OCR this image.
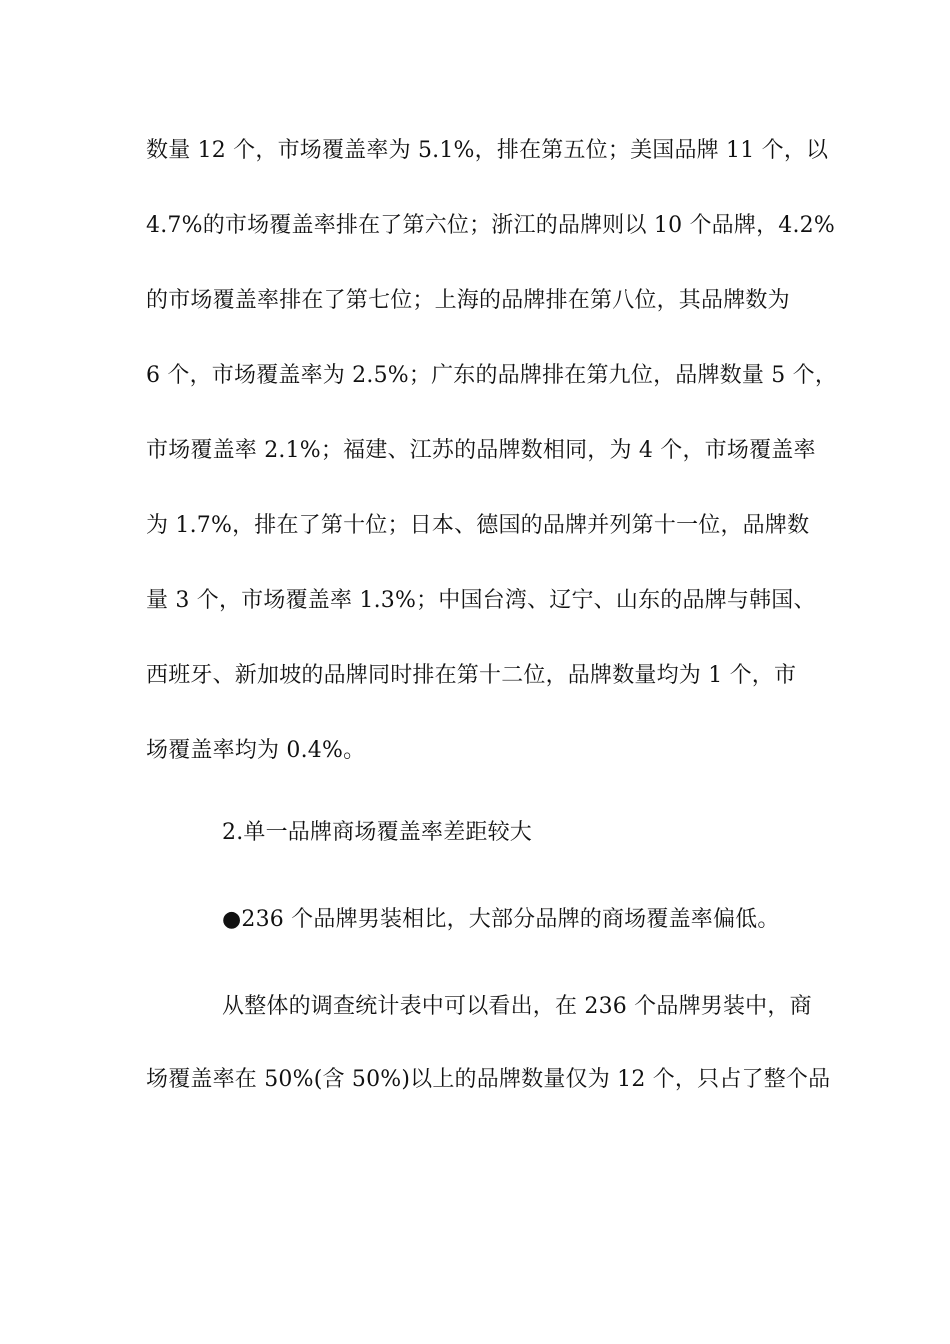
数量 12 个，市场覆盖率为 5.1%，排在第五位；美国品牌 11 个，以
4.7%的市场覆盖率排在了第六位；浙江的品牌则以 10 个品牌，4.2%
的市场覆盖率排在了第七位；上海的品牌排在第八位，其品牌数为
6 个，市场覆盖率为 2.5%；广东的品牌排在第九位，品牌数量 5 个，
市场覆盖率 2.1%；福建、江苏的品牌数相同，为 4 个，市场覆盖率
为 1.7%，排在了第十位；日本、德国的品牌并列第十一位，品牌数
量 3 个，市场覆盖率 1.3%；中国台湾、辽宁、山东的品牌与韩国、
西班牙、新加坡的品牌同时排在第十二位，品牌数量均为 1 个，市
场覆盖率均为 0.4%。
2.单一品牌商场覆盖率差距较大
●236 个品牌男装相比，大部分品牌的商场覆盖率偏低。
从整体的调查统计表中可以看出，在 236 个品牌男装中，商
场覆盖率在 50%(含 50%)以上的品牌数量仅为 12 个，只占了整个品
